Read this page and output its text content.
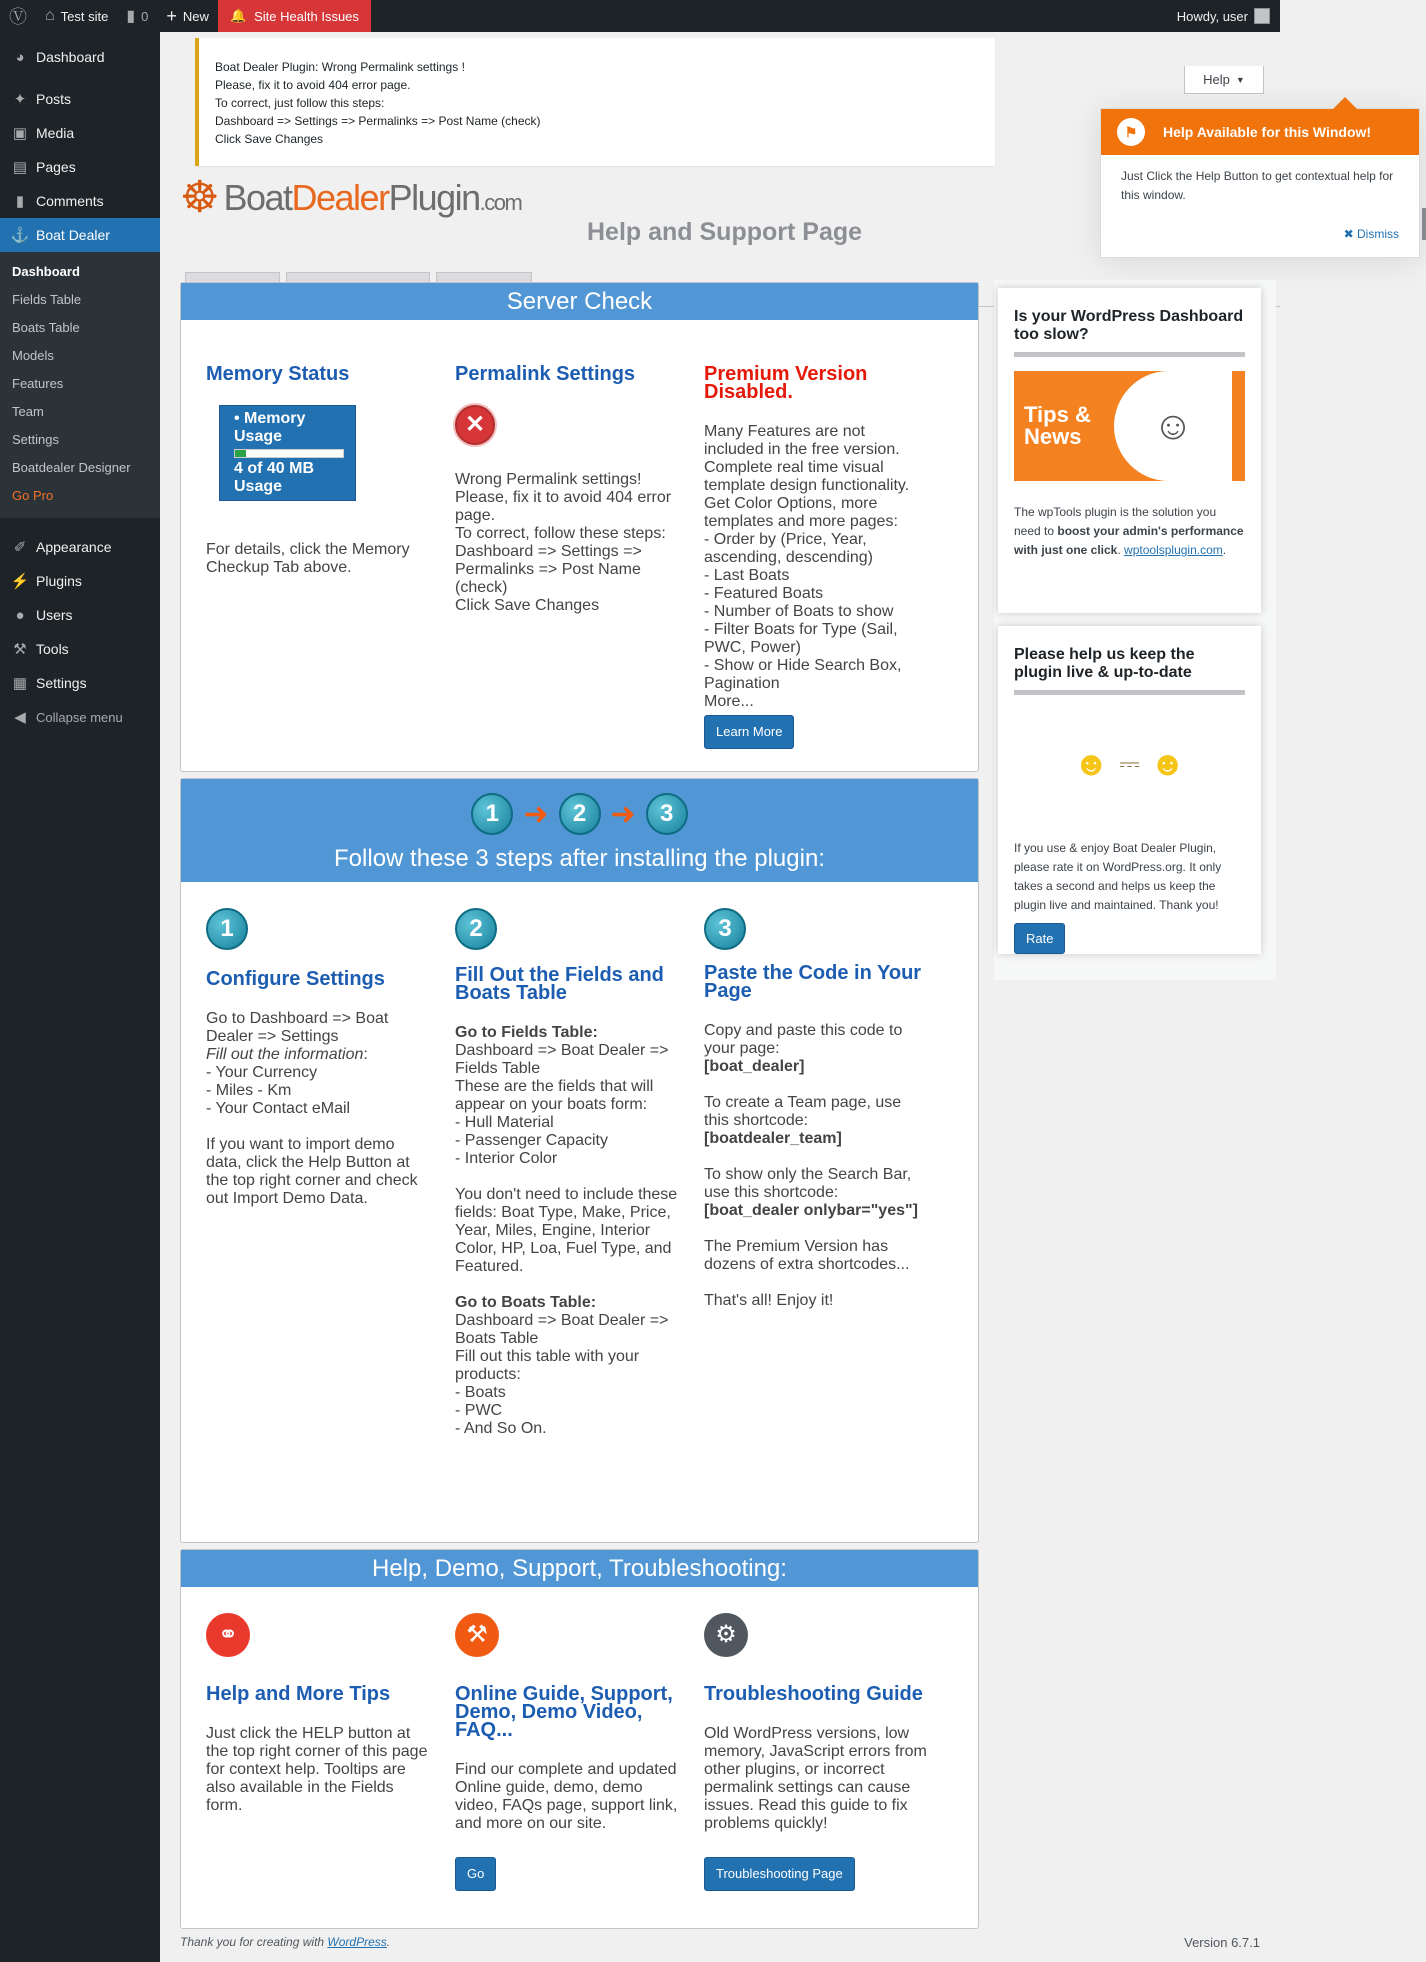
Ⓥ ⌂ Test site ▮ 0 + New 🔔 Site Health Issues	Howdy, user
◕ Dashboard
✦ Posts
▣ Media
▤ Pages
▮ Comments
⚓ Boat Dealer
Dashboard
Fields Table
Boats Table
Models
Features
Team
Settings
Boatdealer Designer
Go Pro
✐ Appearance
⚡ Plugins
● Users
⚒ Tools
▦ Settings
◀ Collapse menu
Boat Dealer Plugin: Wrong Permalink settings !
Please, fix it to avoid 404 error page.
To correct, just follow this steps:
Dashboard => Settings => Permalinks => Post Name (check)
Click Save Changes
☸ BoatDealerPlugin.com
Help and Support Page
Help ▼
⚑	Help Available for this Window!
Just Click the Help Button to get contextual help for this window.
✖ Dismiss
Server Check
Memory Status
• Memory Usage
4 of 40 MB Usage
For details, click the Memory Checkup Tab above.
Permalink Settings
✕
Wrong Permalink settings!
Please, fix it to avoid 404 error page.
To correct, follow these steps:
Dashboard => Settings => Permalinks => Post Name (check)
Click Save Changes
Premium Version Disabled.
Many Features are not included in the free version.
Complete real time visual template design functionality.
Get Color Options, more templates and more pages:
- Order by (Price, Year, ascending, descending)
- Last Boats
- Featured Boats
- Number of Boats to show
- Filter Boats for Type (Sail, PWC, Power)
- Show or Hide Search Box, Pagination
More...
Learn More
1 ➜	2 ➜	3
Follow these 3 steps after installing the plugin:
1
Configure Settings
Go to Dashboard => Boat Dealer => Settings
Fill out the information:
- Your Currency
- Miles - Km
- Your Contact eMail
If you want to import demo data, click the Help Button at the top right corner and check out Import Demo Data.
2
Fill Out the Fields and Boats Table
Go to Fields Table:
Dashboard => Boat Dealer => Fields Table
These are the fields that will appear on your boats form:
- Hull Material
- Passenger Capacity
- Interior Color
You don't need to include these fields: Boat Type, Make, Price, Year, Miles, Engine, Interior Color, HP, Loa, Fuel Type, and Featured.
Go to Boats Table:
Dashboard => Boat Dealer => Boats Table
Fill out this table with your products:
- Boats
- PWC
- And So On.
3
Paste the Code in Your Page
Copy and paste this code to your page:
[boat_dealer]
To create a Team page, use this shortcode:
[boatdealer_team]
To show only the Search Bar, use this shortcode:
[boat_dealer onlybar="yes"]
The Premium Version has dozens of extra shortcodes...
That's all! Enjoy it!
Help, Demo, Support, Troubleshooting:
⚭
Help and More Tips
Just click the HELP button at the top right corner of this page for context help. Tooltips are also available in the Fields form.
⚒
Online Guide, Support, Demo, Demo Video, FAQ...
Find our complete and updated Online guide, demo, demo video, FAQs page, support link, and more on our site.
Go
⚙
Troubleshooting Guide
Old WordPress versions, low memory, JavaScript errors from other plugins, or incorrect permalink settings can cause issues. Read this guide to fix problems quickly!
Troubleshooting Page
Thank you for creating with WordPress.	Version 6.7.1
Is your WordPress Dashboard too slow?
Tips & News	☺
The wpTools plugin is the solution you need to boost your admin's performance with just one click. wptoolsplugin.com.
Please help us keep the plugin live & up-to-date
☻ ⎓ ☻
If you use & enjoy Boat Dealer Plugin, please rate it on WordPress.org. It only takes a second and helps us keep the plugin live and maintained. Thank you!
Rate
